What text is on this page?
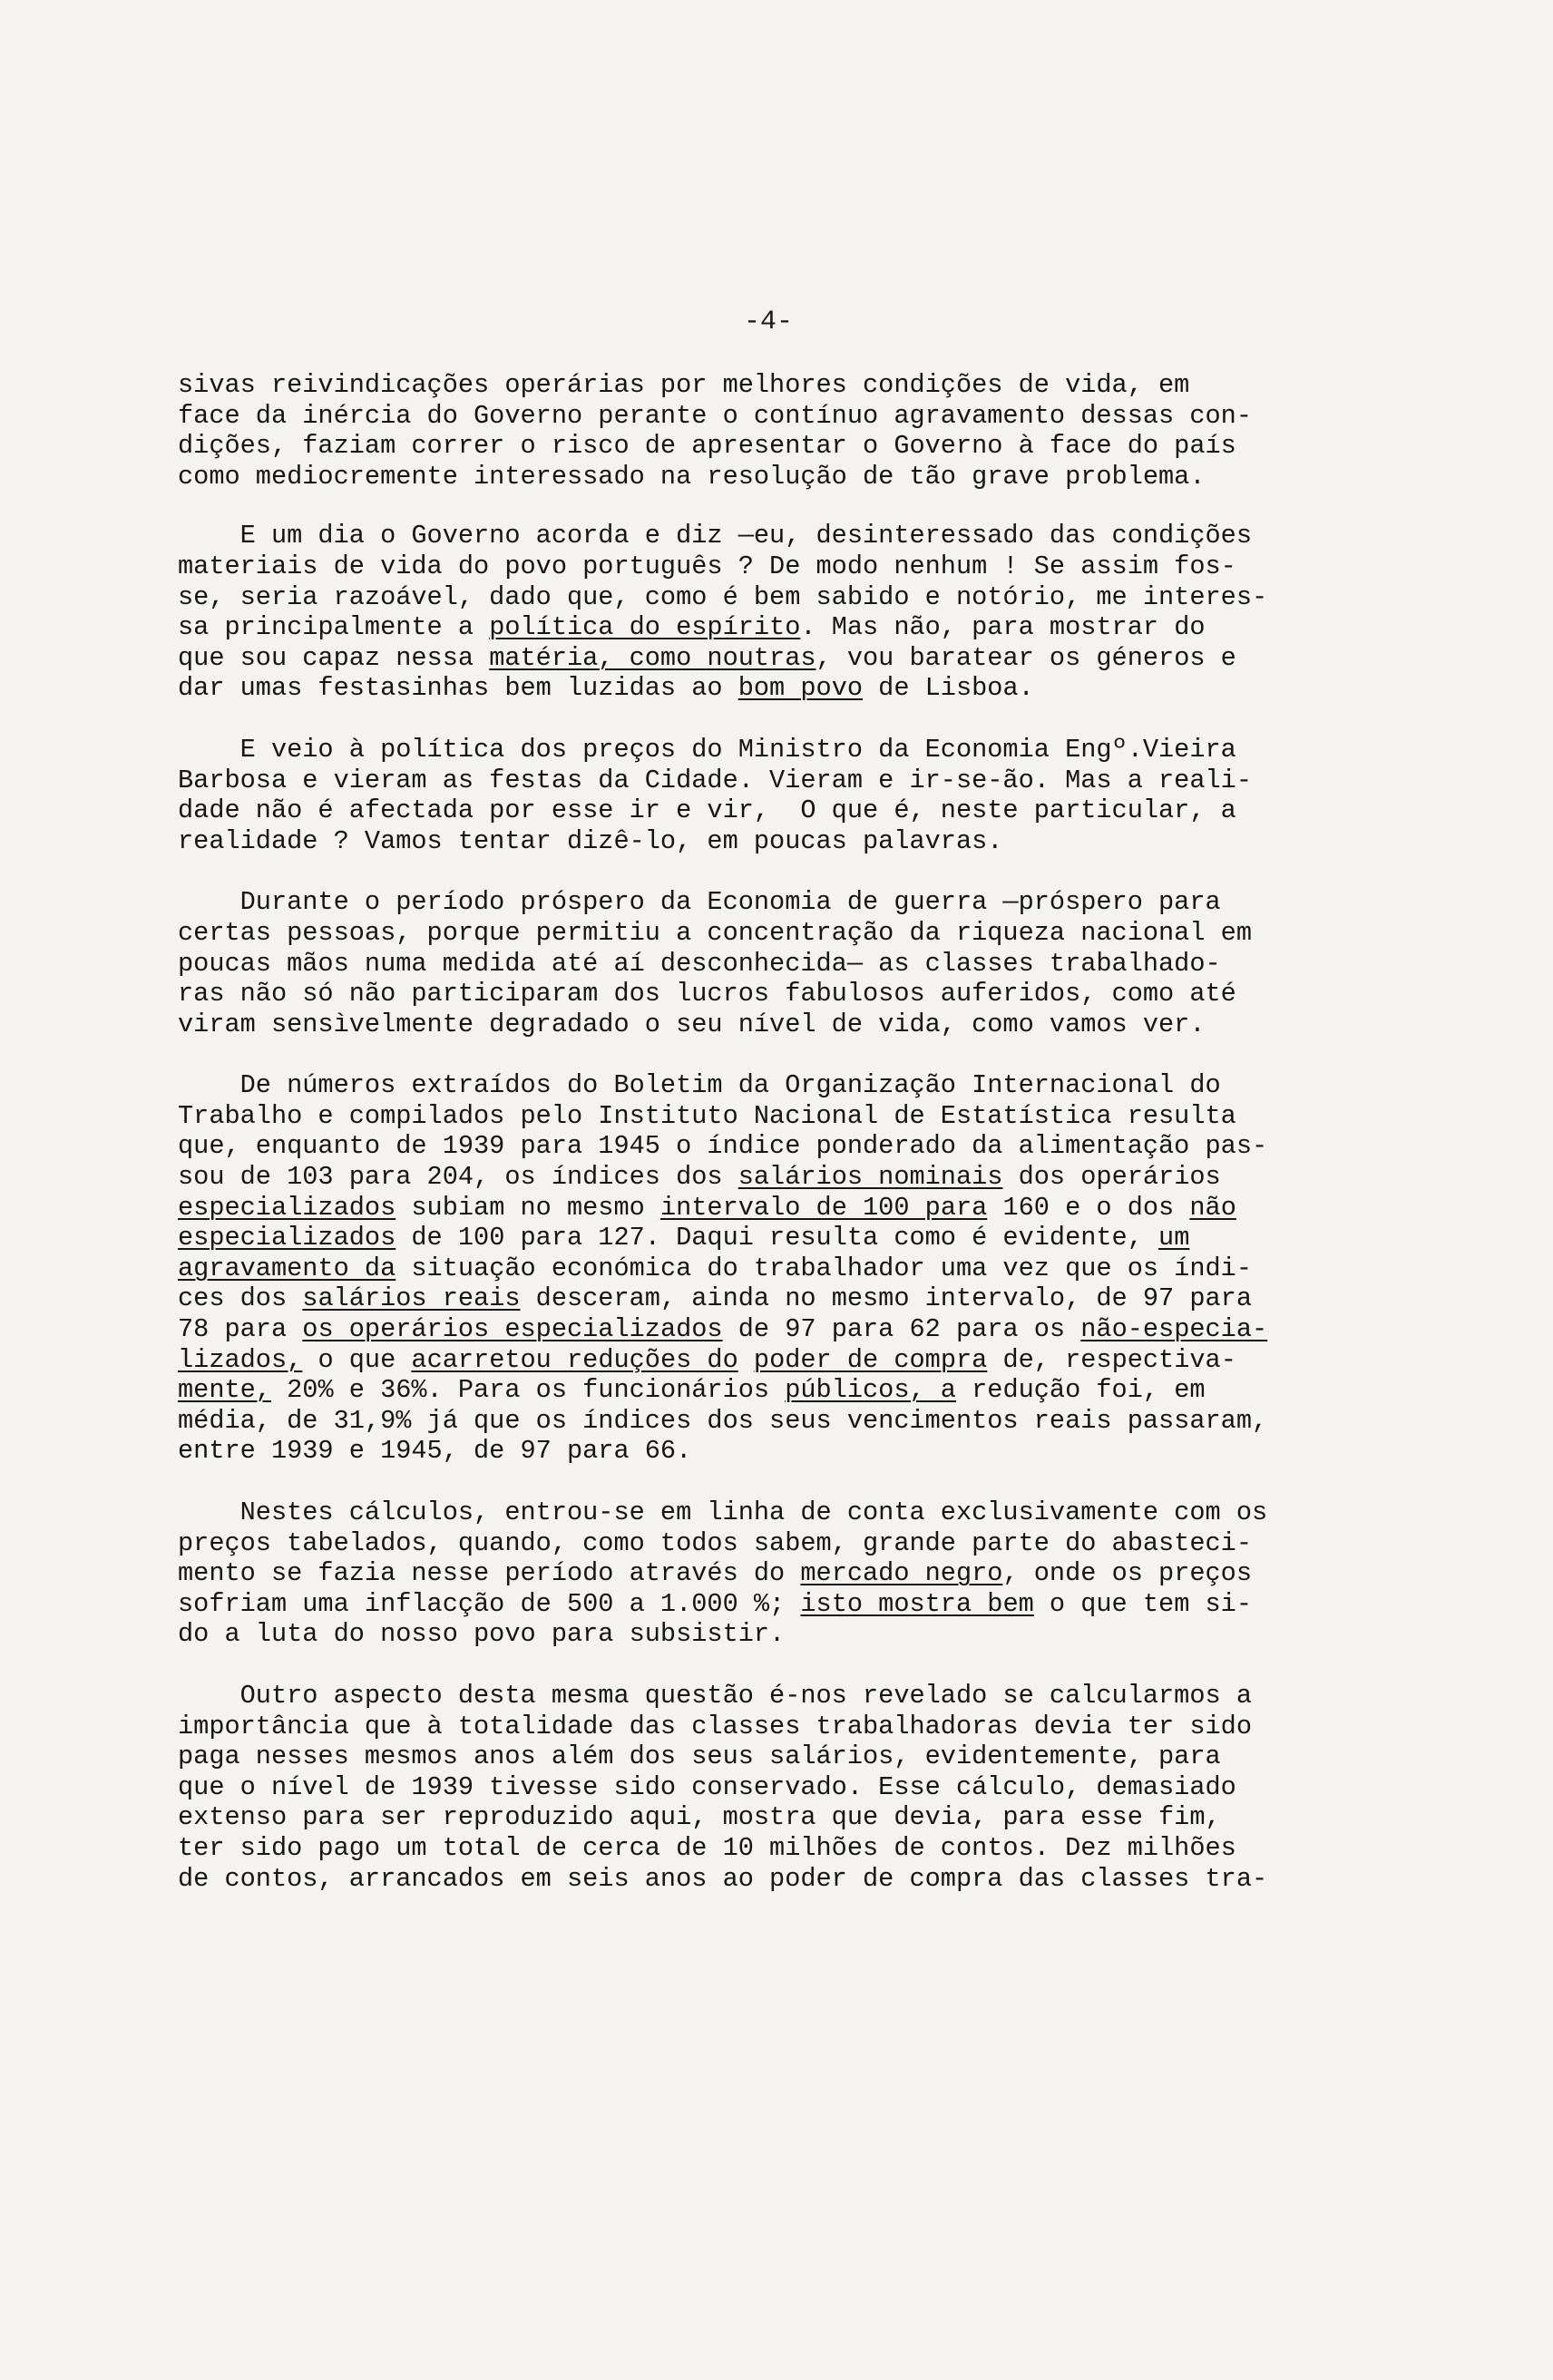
-4-
sivas reivindicações operárias por melhores condições de vida, em
face da inércia do Governo perante o contínuo agravamento dessas con-
dições, faziam correr o risco de apresentar o Governo à face do país
como mediocremente interessado na resolução de tão grave problema.
E um dia o Governo acorda e diz —eu, desinteressado das condições
materiais de vida do povo português ? De modo nenhum ! Se assim fos-
se, seria razoável, dado que, como é bem sabido e notório, me interes-
sa principalmente a política do espírito. Mas não, para mostrar do
que sou capaz nessa matéria, como noutras, vou baratear os géneros e
dar umas festasinhas bem luzidas ao bom povo de Lisboa.
E veio à política dos preços do Ministro da Economia Engº.Vieira
Barbosa e vieram as festas da Cidade. Vieram e ir-se-ão. Mas a reali-
dade não é afectada por esse ir e vir,  O que é, neste particular, a
realidade ? Vamos tentar dizê-lo, em poucas palavras.
Durante o período próspero da Economia de guerra —próspero para
certas pessoas, porque permitiu a concentração da riqueza nacional em
poucas mãos numa medida até aí desconhecida— as classes trabalhado-
ras não só não participaram dos lucros fabulosos auferidos, como até
viram sensìvelmente degradado o seu nível de vida, como vamos ver.
De números extraídos do Boletim da Organização Internacional do
Trabalho e compilados pelo Instituto Nacional de Estatística resulta
que, enquanto de 1939 para 1945 o índice ponderado da alimentação pas-
sou de 103 para 204, os índices dos salários nominais dos operários
especializados subiam no mesmo intervalo de 100 para 160 e o dos não
especializados de 100 para 127. Daqui resulta como é evidente, um
agravamento da situação económica do trabalhador uma vez que os índi-
ces dos salários reais desceram, ainda no mesmo intervalo, de 97 para
78 para os operários especializados de 97 para 62 para os não-especia-
lizados, o que acarretou reduções do poder de compra de, respectiva-
mente, 20% e 36%. Para os funcionários públicos, a redução foi, em
média, de 31,9% já que os índices dos seus vencimentos reais passaram,
entre 1939 e 1945, de 97 para 66.
Nestes cálculos, entrou-se em linha de conta exclusivamente com os
preços tabelados, quando, como todos sabem, grande parte do abasteci-
mento se fazia nesse período através do mercado negro, onde os preços
sofriam uma inflacção de 500 a 1.000 %; isto mostra bem o que tem si-
do a luta do nosso povo para subsistir.
Outro aspecto desta mesma questão é-nos revelado se calcularmos a
importância que à totalidade das classes trabalhadoras devia ter sido
paga nesses mesmos anos além dos seus salários, evidentemente, para
que o nível de 1939 tivesse sido conservado. Esse cálculo, demasiado
extenso para ser reproduzido aqui, mostra que devia, para esse fim,
ter sido pago um total de cerca de 10 milhões de contos. Dez milhões
de contos, arrancados em seis anos ao poder de compra das classes tra-
